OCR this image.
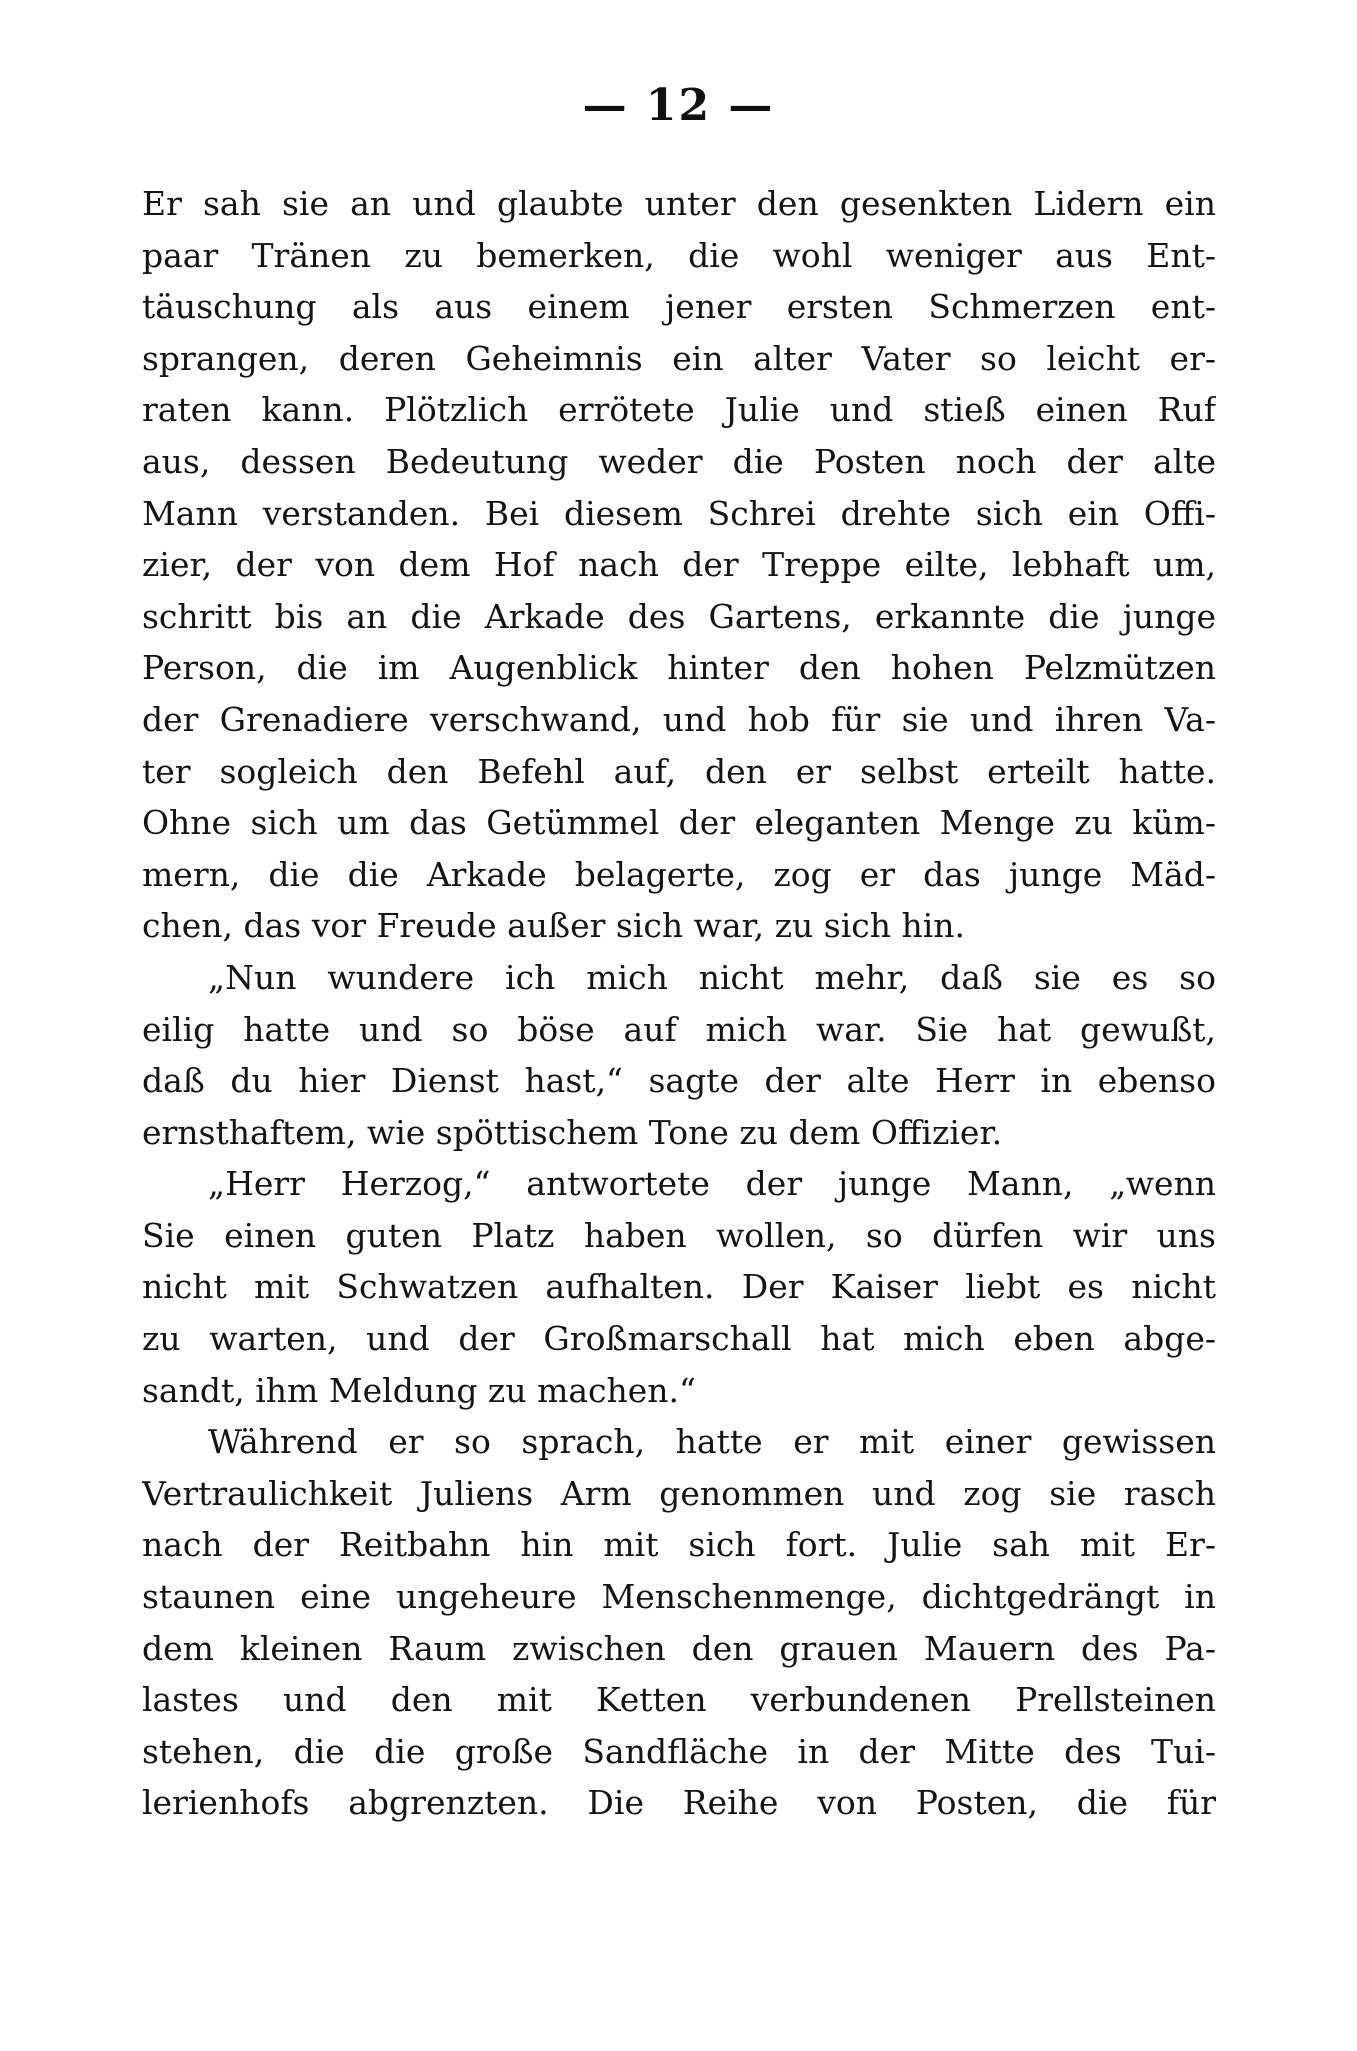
— 12 —
Er sah sie an und glaubte unter den gesenkten Lidern ein
paar Tränen zu bemerken, die wohl weniger aus Ent-
täuschung als aus einem jener ersten Schmerzen ent-
sprangen, deren Geheimnis ein alter Vater so leicht er-
raten kann. Plötzlich errötete Julie und stieß einen Ruf
aus, dessen Bedeutung weder die Posten noch der alte
Mann verstanden. Bei diesem Schrei drehte sich ein Offi-
zier, der von dem Hof nach der Treppe eilte, lebhaft um,
schritt bis an die Arkade des Gartens, erkannte die junge
Person, die im Augenblick hinter den hohen Pelzmützen
der Grenadiere verschwand, und hob für sie und ihren Va-
ter sogleich den Befehl auf, den er selbst erteilt hatte.
Ohne sich um das Getümmel der eleganten Menge zu küm-
mern, die die Arkade belagerte, zog er das junge Mäd-
chen, das vor Freude außer sich war, zu sich hin.
„Nun wundere ich mich nicht mehr, daß sie es so
eilig hatte und so böse auf mich war. Sie hat gewußt,
daß du hier Dienst hast,“ sagte der alte Herr in ebenso
ernsthaftem, wie spöttischem Tone zu dem Offizier.
„Herr Herzog,“ antwortete der junge Mann, „wenn
Sie einen guten Platz haben wollen, so dürfen wir uns
nicht mit Schwatzen aufhalten. Der Kaiser liebt es nicht
zu warten, und der Großmarschall hat mich eben abge-
sandt, ihm Meldung zu machen.“
Während er so sprach, hatte er mit einer gewissen
Vertraulichkeit Juliens Arm genommen und zog sie rasch
nach der Reitbahn hin mit sich fort. Julie sah mit Er-
staunen eine ungeheure Menschenmenge, dichtgedrängt in
dem kleinen Raum zwischen den grauen Mauern des Pa-
lastes und den mit Ketten verbundenen Prellsteinen
stehen, die die große Sandfläche in der Mitte des Tui-
lerienhofs abgrenzten. Die Reihe von Posten, die für
